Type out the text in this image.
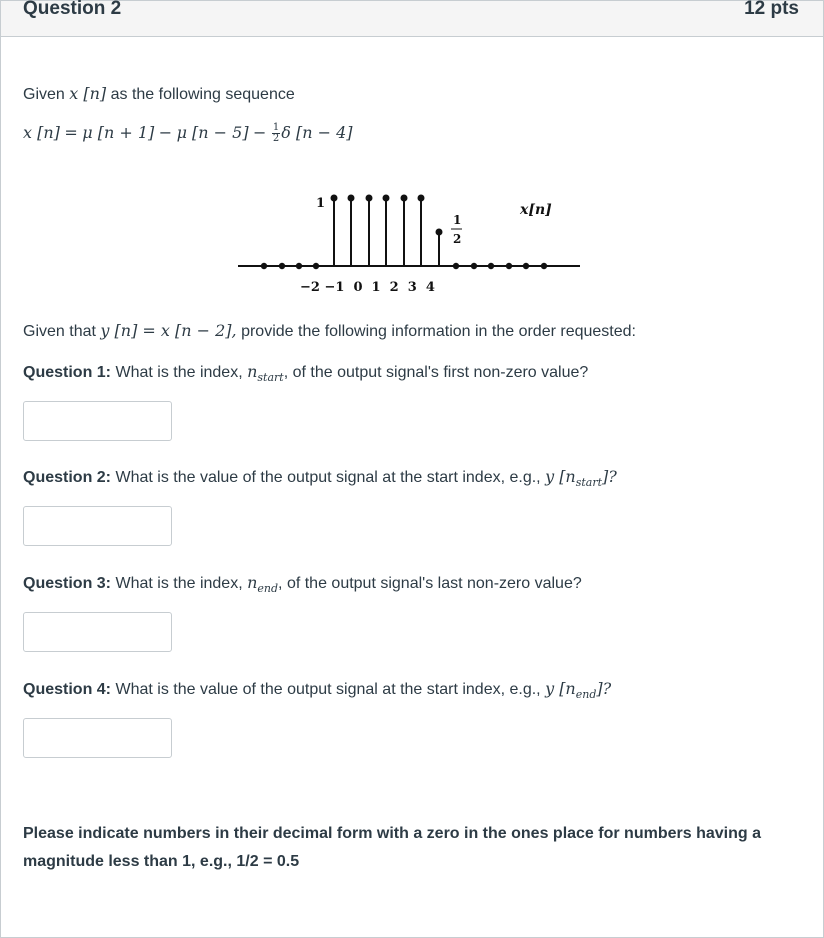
Question 2	12 pts
Given x [n] as the following sequence
x [n] = μ [n + 1] − μ $[n - 5] - \frac{1}{2}$ δ [n − 4]
1
1
2
x[n]
−2 −1  0  1  2  3  4
Given that y [n] = x [n − 2], provide the following information in the order requested:
Question 1: What is the index, $n_{start}$, of the output signal's first non-zero value?
Question 2: What is the value of the output signal at the start index, e.g., y $[n_{start}]$?
Question 3: What is the index, $n_{end}$, of the output signal's last non-zero value?
Question 4: What is the value of the output signal at the start index, e.g., y $[n_{end}]$?
Please indicate numbers in their decimal form with a zero in the ones place for numbers having a
magnitude less than 1, e.g., 1/2 = 0.5
